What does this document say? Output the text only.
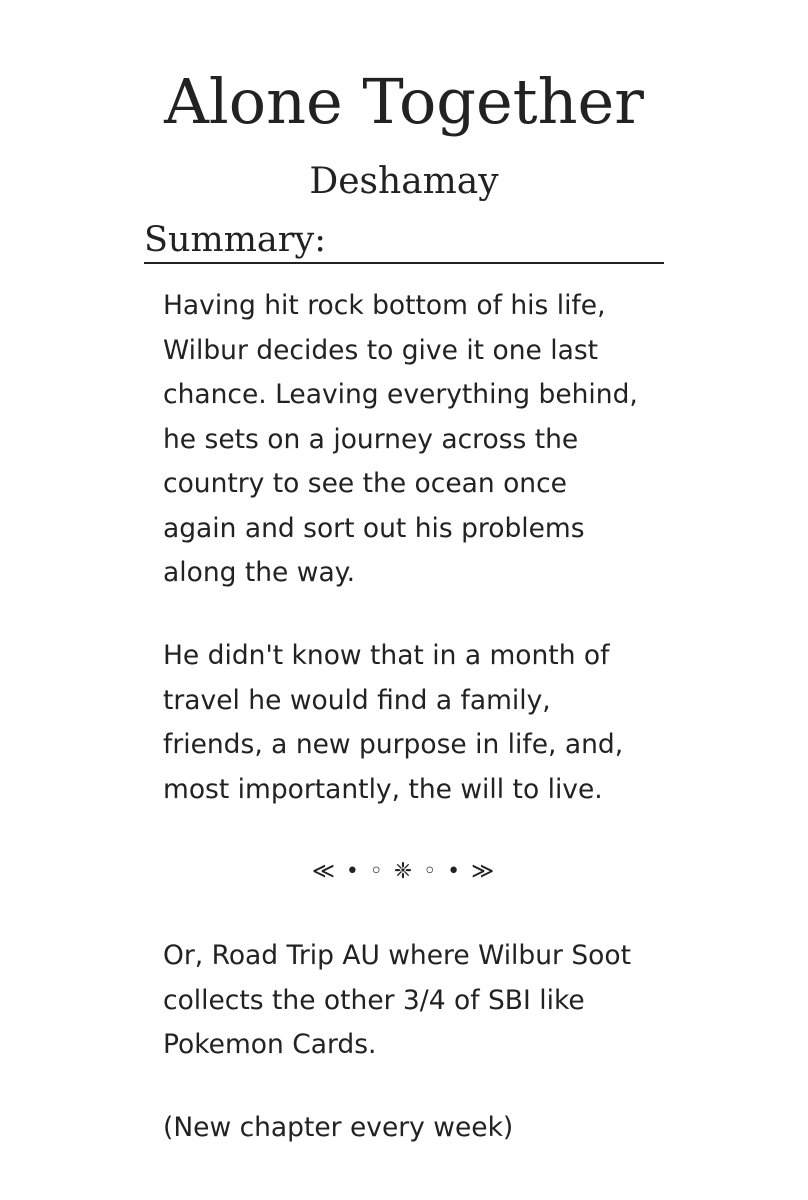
Alone Together
Deshamay
Summary:
Having hit rock bottom of his life,
Wilbur decides to give it one last
chance. Leaving everything behind,
he sets on a journey across the
country to see the ocean once
again and sort out his problems
along the way.
He didn't know that in a month of
travel he would find a family,
friends, a new purpose in life, and,
most importantly, the will to live.
≪ • ◦ ❈ ◦ • ≫
Or, Road Trip AU where Wilbur Soot
collects the other 3/4 of SBI like
Pokemon Cards.
(New chapter every week)
